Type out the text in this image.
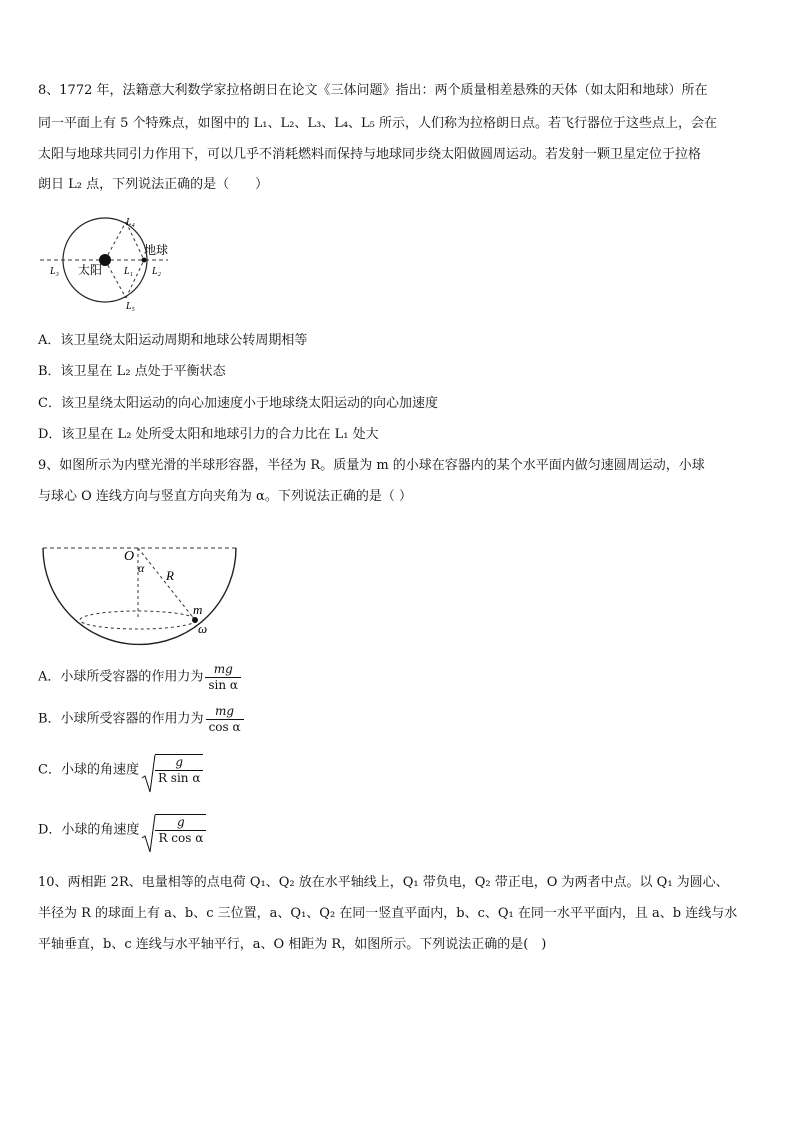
8、1772 年，法籍意大利数学家拉格朗日在论文《三体问题》指出：两个质量相差悬殊的天体（如太阳和地球）所在
同一平面上有 5 个特殊点，如图中的 L₁、L₂、L₃、L₄、L₅ 所示，人们称为拉格朗日点。若飞行器位于这些点上，会在
太阳与地球共同引力作用下，可以几乎不消耗燃料而保持与地球同步绕太阳做圆周运动。若发射一颗卫星定位于拉格
朗日 L₂ 点，下列说法正确的是（　　）
太阳
地球
L₁ L₂
L₃
L₄
L₅
A．该卫星绕太阳运动周期和地球公转周期相等
B．该卫星在 L₂ 点处于平衡状态
C．该卫星绕太阳运动的向心加速度小于地球绕太阳运动的向心加速度
D．该卫星在 L₂ 处所受太阳和地球引力的合力比在 L₁ 处大
9、如图所示为内壁光滑的半球形容器，半径为 R。质量为 m 的小球在容器内的某个水平面内做匀速圆周运动，小球
与球心 O 连线方向与竖直方向夹角为 α。下列说法正确的是（ ）
O
α R
m
ω
A．小球所受容器的作用力为 $\frac{mg}{\text{sin α}}$
B．小球所受容器的作用力为 $\frac{mg}{\text{cos α}}$
C．小球的角速度 $\frac{g}{\text{R sin α}}$
D．小球的角速度 $\frac{g}{\text{R cos α}}$
10、两相距 2R、电量相等的点电荷 Q₁、Q₂ 放在水平轴线上，Q₁ 带负电，Q₂ 带正电，O 为两者中点。以 Q₁ 为圆心、
半径为 R 的球面上有 a、b、c 三位置，a、Q₁、Q₂ 在同一竖直平面内，b、c、Q₁ 在同一水平平面内，且 a、b 连线与水
平轴垂直，b、c 连线与水平轴平行，a、O 相距为 R，如图所示。下列说法正确的是(　)
